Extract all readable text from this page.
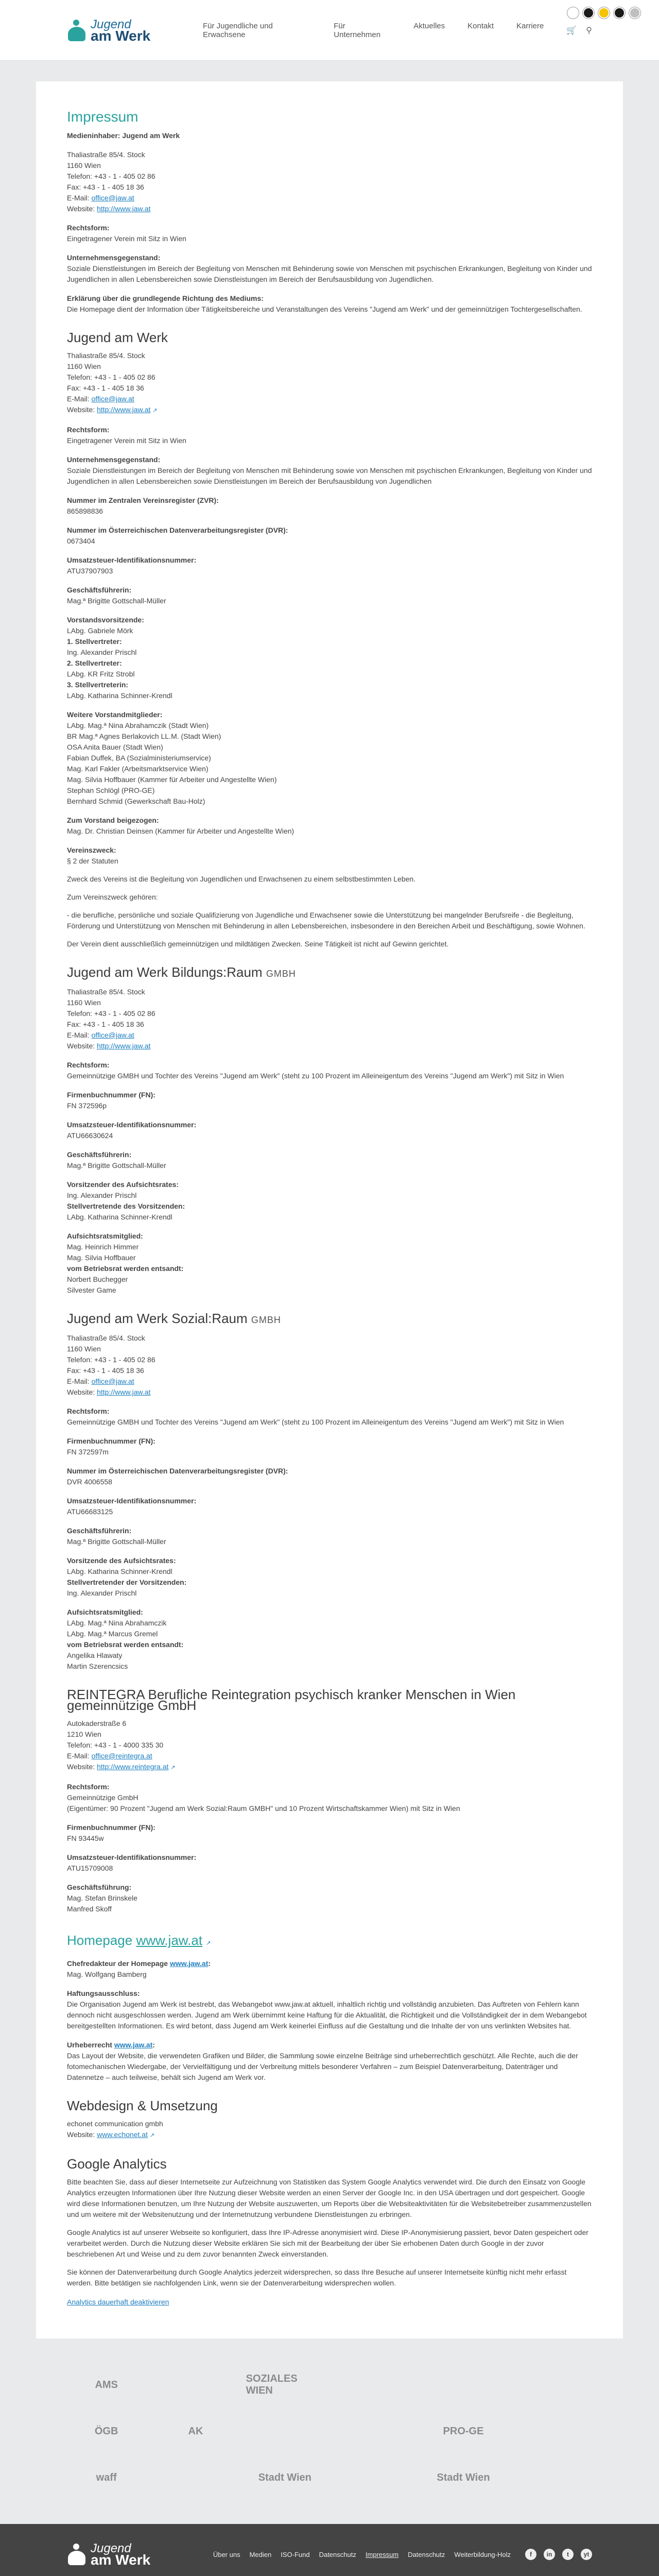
Jugend
am Werk
Für Jugendliche und Erwachsene
Für Unternehmen
Aktuelles	Kontakt	Karriere
🛒 ⚲
Impressum
Medieninhaber: Jugend am Werk
Thaliastraße 85/4. Stock
1160 Wien
Telefon: +43 - 1 - 405 02 86
Fax: +43 - 1 - 405 18 36
E-Mail: office@jaw.at
Website: http://www.jaw.at
Rechtsform:
Eingetragener Verein mit Sitz in Wien
Unternehmensgegenstand:
Soziale Dienstleistungen im Bereich der Begleitung von Menschen mit Behinderung sowie von Menschen mit psychischen Erkrankungen, Begleitung von Kinder und Jugendlichen in allen Lebensbereichen sowie Dienstleistungen im Bereich der Berufsausbildung von Jugendlichen.
Erklärung über die grundlegende Richtung des Mediums:
Die Homepage dient der Information über Tätigkeitsbereiche und Veranstaltungen des Vereins "Jugend am Werk" und der gemeinnützigen Tochtergesellschaften.
Jugend am Werk
Thaliastraße 85/4. Stock
1160 Wien
Telefon: +43 - 1 - 405 02 86
Fax: +43 - 1 - 405 18 36
E-Mail: office@jaw.at
Website: http://www.jaw.at ↗
Rechtsform:
Eingetragener Verein mit Sitz in Wien
Unternehmensgegenstand:
Soziale Dienstleistungen im Bereich der Begleitung von Menschen mit Behinderung sowie von Menschen mit psychischen Erkrankungen, Begleitung von Kinder und Jugendlichen in allen Lebensbereichen sowie Dienstleistungen im Bereich der Berufsausbildung von Jugendlichen
Nummer im Zentralen Vereinsregister (ZVR):
865898836
Nummer im Österreichischen Datenverarbeitungsregister (DVR):
0673404
Umsatzsteuer-Identifikationsnummer:
ATU37907903
Geschäftsführerin:
Mag.ª Brigitte Gottschall-Müller
Vorstandsvorsitzende:
LAbg. Gabriele Mörk
1. Stellvertreter:
Ing. Alexander Prischl
2. Stellvertreter:
LAbg. KR Fritz Strobl
3. Stellvertreterin:
LAbg. Katharina Schinner-Krendl
Weitere Vorstandmitglieder:
LAbg. Mag.ª Nina Abrahamczik (Stadt Wien)
BR Mag.ª Agnes Berlakovich LL.M. (Stadt Wien)
OSA Anita Bauer (Stadt Wien)
Fabian Duffek, BA (Sozialministeriumservice)
Mag. Karl Fakler (Arbeitsmarktservice Wien)
Mag. Silvia Hoffbauer (Kammer für Arbeiter und Angestellte Wien)
Stephan Schlögl (PRO-GE)
Bernhard Schmid (Gewerkschaft Bau-Holz)
Zum Vorstand beigezogen:
Mag. Dr. Christian Deinsen (Kammer für Arbeiter und Angestellte Wien)
Vereinszweck:
§ 2 der Statuten
Zweck des Vereins ist die Begleitung von Jugendlichen und Erwachsenen zu einem selbstbestimmten Leben.
Zum Vereinszweck gehören:
- die berufliche, persönliche und soziale Qualifizierung von Jugendliche und Erwachsener sowie die Unterstützung bei mangelnder Berufsreife - die Begleitung, Förderung und Unterstützung von Menschen mit Behinderung in allen Lebensbereichen, insbesondere in den Bereichen Arbeit und Beschäftigung, sowie Wohnen.
Der Verein dient ausschließlich gemeinnützigen und mildtätigen Zwecken. Seine Tätigkeit ist nicht auf Gewinn gerichtet.
Jugend am Werk Bildungs:Raum GMBH
Thaliastraße 85/4. Stock
1160 Wien
Telefon: +43 - 1 - 405 02 86
Fax: +43 - 1 - 405 18 36
E-Mail: office@jaw.at
Website: http://www.jaw.at
Rechtsform:
Gemeinnützige GMBH und Tochter des Vereins "Jugend am Werk" (steht zu 100 Prozent im Alleineigentum des Vereins "Jugend am Werk") mit Sitz in Wien
Firmenbuchnummer (FN):
FN 372596p
Umsatzsteuer-Identifikationsnummer:
ATU66630624
Geschäftsführerin:
Mag.ª Brigitte Gottschall-Müller
Vorsitzender des Aufsichtsrates:
Ing. Alexander Prischl
Stellvertretende des Vorsitzenden:
LAbg. Katharina Schinner-Krendl
Aufsichtsratsmitglied:
Mag. Heinrich Himmer
Mag. Silvia Hoffbauer
vom Betriebsrat werden entsandt:
Norbert Buchegger
Silvester Game
Jugend am Werk Sozial:Raum GMBH
Thaliastraße 85/4. Stock
1160 Wien
Telefon: +43 - 1 - 405 02 86
Fax: +43 - 1 - 405 18 36
E-Mail: office@jaw.at
Website: http://www.jaw.at
Rechtsform:
Gemeinnützige GMBH und Tochter des Vereins "Jugend am Werk" (steht zu 100 Prozent im Alleineigentum des Vereins "Jugend am Werk") mit Sitz in Wien
Firmenbuchnummer (FN):
FN 372597m
Nummer im Österreichischen Datenverarbeitungsregister (DVR):
DVR 4006558
Umsatzsteuer-Identifikationsnummer:
ATU66683125
Geschäftsführerin:
Mag.ª Brigitte Gottschall-Müller
Vorsitzende des Aufsichtsrates:
LAbg. Katharina Schinner-Krendl
Stellvertretender der Vorsitzenden:
Ing. Alexander Prischl
Aufsichtsratsmitglied:
LAbg. Mag.ª Nina Abrahamczik
LAbg. Mag.ª Marcus Gremel
vom Betriebsrat werden entsandt:
Angelika Hlawaty
Martin Szerencsics
REINTEGRA Berufliche Reintegration psychisch kranker Menschen in Wien gemeinnützige GmbH
Autokaderstraße 6
1210 Wien
Telefon: +43 - 1 - 4000 335 30
E-Mail: office@reintegra.at
Website: http://www.reintegra.at ↗
Rechtsform:
Gemeinnützige GmbH
(Eigentümer: 90 Prozent "Jugend am Werk Sozial:Raum GMBH" und 10 Prozent Wirtschaftskammer Wien) mit Sitz in Wien
Firmenbuchnummer (FN):
FN 93445w
Umsatzsteuer-Identifikationsnummer:
ATU15709008
Geschäftsführung:
Mag. Stefan Brinskele
Manfred Skoff
Homepage www.jaw.at ↗
Chefredakteur der Homepage www.jaw.at:
Mag. Wolfgang Bamberg
Haftungsausschluss:
Die Organisation Jugend am Werk ist bestrebt, das Webangebot www.jaw.at aktuell, inhaltlich richtig und vollständig anzubieten. Das Auftreten von Fehlern kann dennoch nicht ausgeschlossen werden. Jugend am Werk übernimmt keine Haftung für die Aktualität, die Richtigkeit und die Vollständigkeit der in dem Webangebot bereitgestellten Informationen. Es wird betont, dass Jugend am Werk keinerlei Einfluss auf die Gestaltung und die Inhalte der von uns verlinkten Websites hat.
Urheberrecht www.jaw.at:
Das Layout der Website, die verwendeten Grafiken und Bilder, die Sammlung sowie einzelne Beiträge sind urheberrechtlich geschützt. Alle Rechte, auch die der fotomechanischen Wiedergabe, der Vervielfältigung und der Verbreitung mittels besonderer Verfahren – zum Beispiel Datenverarbeitung, Datenträger und Datennetze – auch teilweise, behält sich Jugend am Werk vor.
Webdesign & Umsetzung
echonet communication gmbh
Website: www.echonet.at ↗
Google Analytics
Bitte beachten Sie, dass auf dieser Internetseite zur Aufzeichnung von Statistiken das System Google Analytics verwendet wird. Die durch den Einsatz von Google Analytics erzeugten Informationen über Ihre Nutzung dieser Website werden an einen Server der Google Inc. in den USA übertragen und dort gespeichert. Google wird diese Informationen benutzen, um Ihre Nutzung der Website auszuwerten, um Reports über die Websiteaktivitäten für die Websitebetreiber zusammenzustellen und um weitere mit der Websitenutzung und der Internetnutzung verbundene Dienstleistungen zu erbringen.
Google Analytics ist auf unserer Webseite so konfiguriert, dass Ihre IP-Adresse anonymisiert wird. Diese IP-Anonymisierung passiert, bevor Daten gespeichert oder verarbeitet werden. Durch die Nutzung dieser Website erklären Sie sich mit der Bearbeitung der über Sie erhobenen Daten durch Google in der zuvor beschriebenen Art und Weise und zu dem zuvor benannten Zweck einverstanden.
Sie können der Datenverarbeitung durch Google Analytics jederzeit widersprechen, so dass Ihre Besuche auf unserer Internetseite künftig nicht mehr erfasst werden. Bitte betätigen sie nachfolgenden Link, wenn sie der Datenverarbeitung widersprechen wollen.
Analytics dauerhaft deaktivieren
AMS
SOZIALES WIEN
ÖGB	AK	PRO-GE
waff	Stadt Wien	Stadt Wien
Jugend
am Werk	Über uns Medien ISO-Fund Datenschutz Impressum Datenschutz Weiterbildung-Holz	f	in	t	yt
